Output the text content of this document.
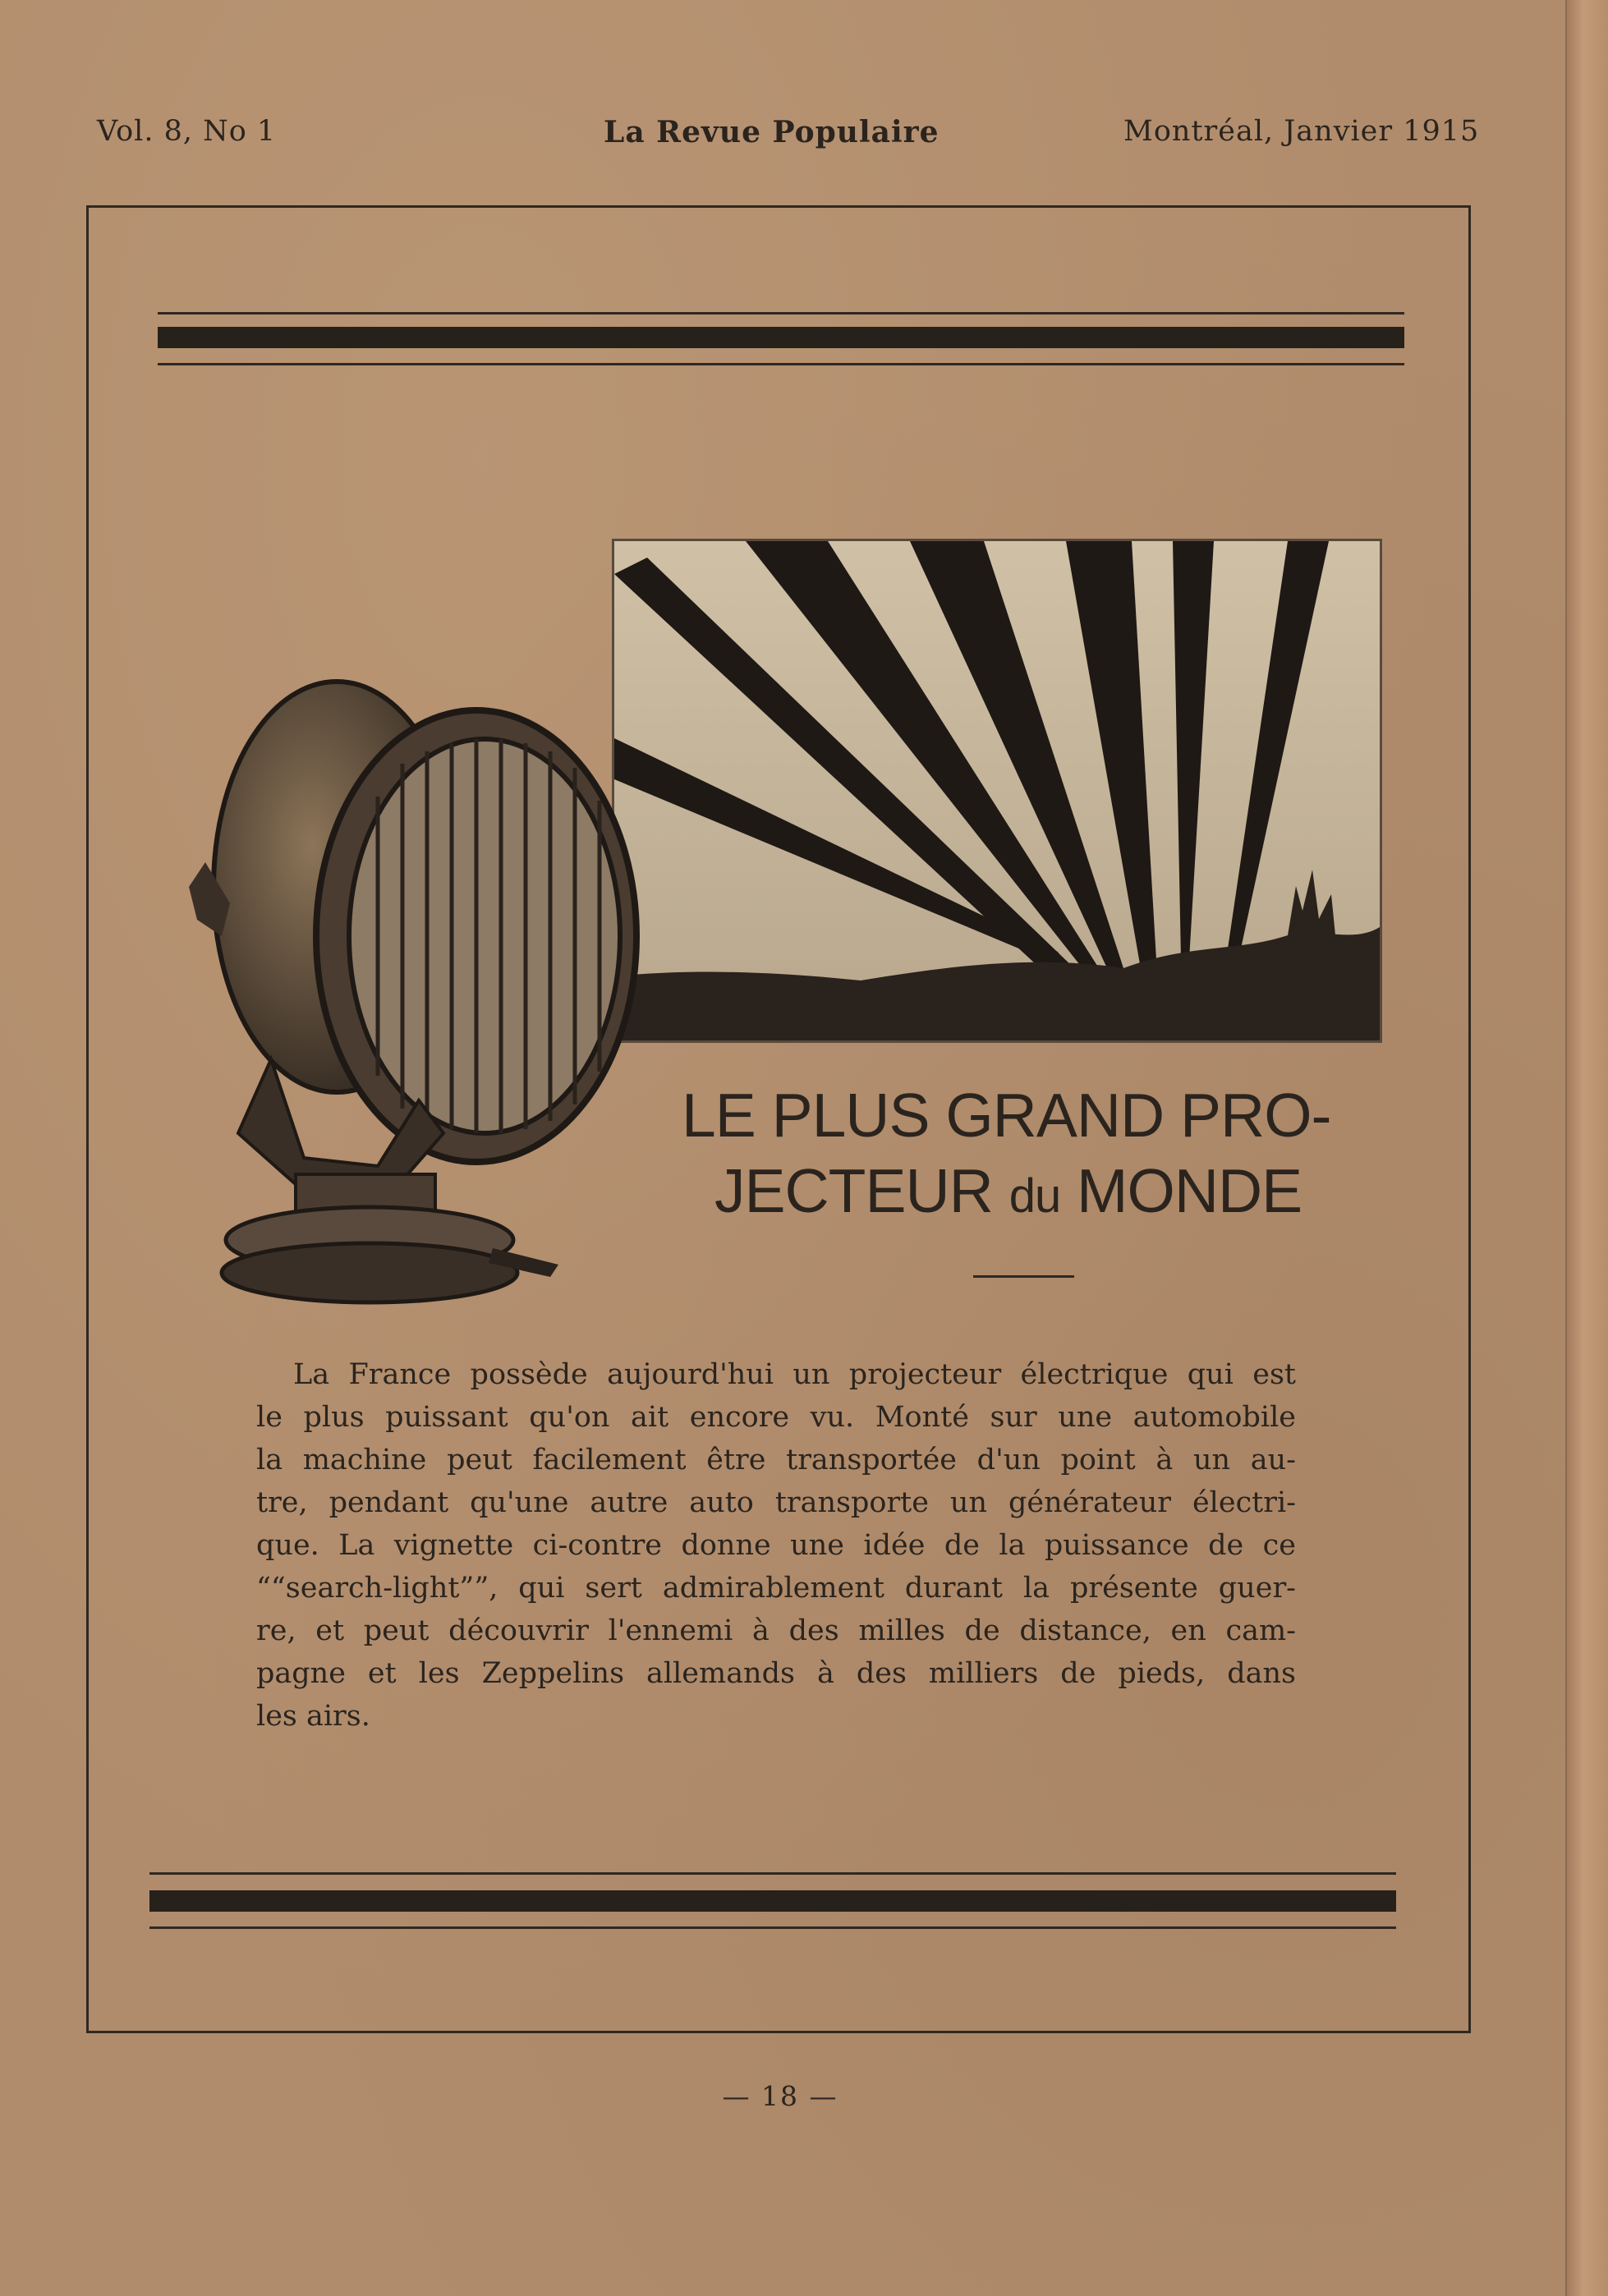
Vol. 8, No 1	La Revue Populaire	Montréal, Janvier 1915
LE PLUS GRAND PRO-
JECTEUR du MONDE
La France possède aujourd'hui un projecteur électrique qui est
le plus puissant qu'on ait encore vu. Monté sur une automobile
la machine peut facilement être transportée d'un point à un au-
tre, pendant qu'une autre auto transporte un générateur électri-
que. La vignette ci-contre donne une idée de la puissance de ce
““search-light””, qui sert admirablement durant la présente guer-
re, et peut découvrir l'ennemi à des milles de distance, en cam-
pagne et les Zeppelins allemands à des milliers de pieds, dans
les airs.
— 18 —
